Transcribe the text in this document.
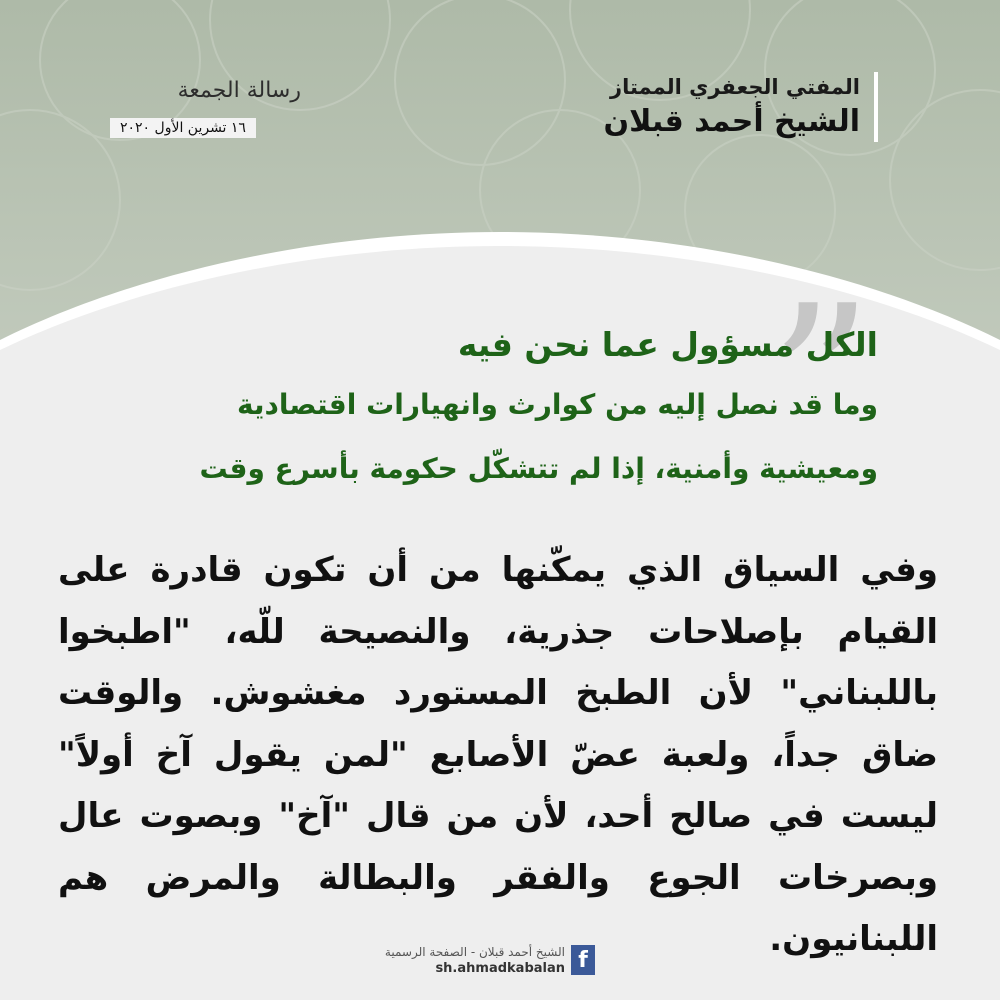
المفتي الجعفري الممتاز
الشيخ أحمد قبلان
رسالة الجمعة
١٦ تشرين الأول ٢٠٢٠
”
الكل مسؤول عما نحن فيه
وما قد نصل إليه من كوارث وانهيارات اقتصادية
ومعيشية وأمنية، إذا لم تتشكّل حكومة بأسرع وقت
وفي السياق الذي يمكّنها من أن تكون قادرة على القيام بإصلاحات جذرية، والنصيحة للّه، "اطبخوا باللبناني" لأن الطبخ المستورد مغشوش. والوقت ضاق جداً، ولعبة عضّ الأصابع "لمن يقول آخ أولاً" ليست في صالح أحد، لأن من قال "آخ" وبصوت عال وبصرخات الجوع والفقر والبطالة والمرض هم اللبنانيون.
f
الشيخ أحمد قبلان - الصفحة الرسمية
sh.ahmadkabalan
